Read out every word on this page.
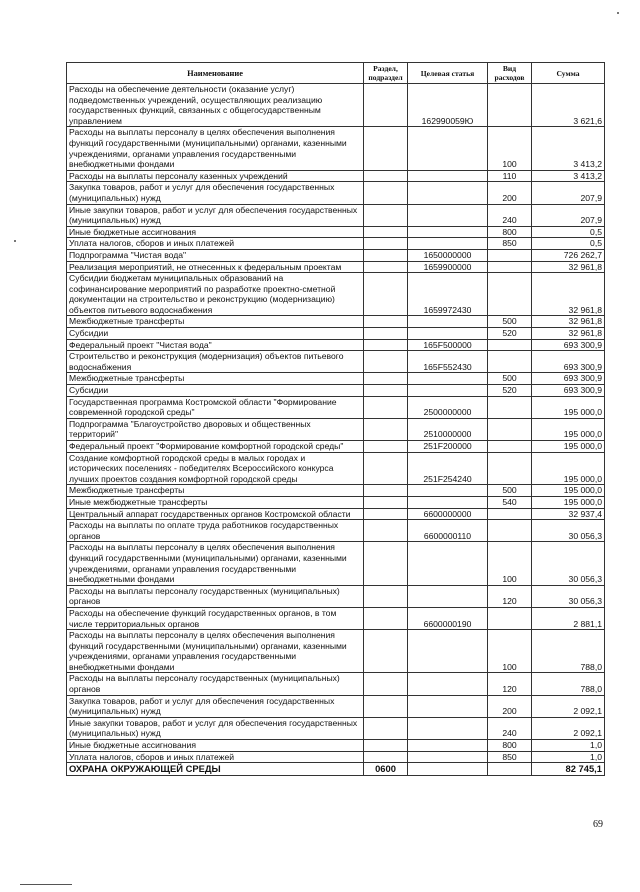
Наименование	Раздел, подраздел	Целевая статья	Вид расходов	Сумма
Расходы на обеспечение деятельности (оказание услуг) подведомственных учреждений, осуществляющих реализацию государственных функций, связанных с общегосударственным управлением		162990059Ю		3 621,6
Расходы на выплаты персоналу в целях обеспечения выполнения функций государственными (муниципальными) органами, казенными учреждениями, органами управления государственными внебюджетными фондами			100	3 413,2
Расходы на выплаты персоналу казенных учреждений			110	3 413,2
Закупка товаров, работ и услуг для обеспечения государственных (муниципальных) нужд			200	207,9
Иные закупки товаров, работ и услуг для обеспечения государственных (муниципальных) нужд			240	207,9
Иные бюджетные ассигнования			800	0,5
Уплата налогов, сборов и иных платежей			850	0,5
Подпрограмма "Чистая вода"		1650000000		726 262,7
Реализация мероприятий, не отнесенных к федеральным проектам		1659900000		32 961,8
Субсидии бюджетам муниципальных образований на софинансирование мероприятий по разработке проектно-сметной документации на строительство и реконструкцию (модернизацию) объектов питьевого водоснабжения		1659972430		32 961,8
Межбюджетные трансферты			500	32 961,8
Субсидии			520	32 961,8
Федеральный проект "Чистая вода"		165F500000		693 300,9
Строительство и реконструкция (модернизация) объектов питьевого водоснабжения		165F552430		693 300,9
Межбюджетные трансферты			500	693 300,9
Субсидии			520	693 300,9
Государственная программа Костромской области "Формирование современной городской среды"		2500000000		195 000,0
Подпрограмма "Благоустройство дворовых и общественных территорий"		2510000000		195 000,0
Федеральный проект "Формирование комфортной городской среды"		251F200000		195 000,0
Создание комфортной городской среды в малых городах и исторических поселениях - победителях Всероссийского конкурса лучших проектов создания комфортной городской среды		251F254240		195 000,0
Межбюджетные трансферты			500	195 000,0
Иные межбюджетные трансферты			540	195 000,0
Центральный аппарат государственных органов Костромской области		6600000000		32 937,4
Расходы на выплаты по оплате труда работников государственных органов		6600000110		30 056,3
Расходы на выплаты персоналу в целях обеспечения выполнения функций государственными (муниципальными) органами, казенными учреждениями, органами управления государственными внебюджетными фондами			100	30 056,3
Расходы на выплаты персоналу государственных (муниципальных) органов			120	30 056,3
Расходы на обеспечение функций государственных органов, в том числе территориальных органов		6600000190		2 881,1
Расходы на выплаты персоналу в целях обеспечения выполнения функций государственными (муниципальными) органами, казенными учреждениями, органами управления государственными внебюджетными фондами			100	788,0
Расходы на выплаты персоналу государственных (муниципальных) органов			120	788,0
Закупка товаров, работ и услуг для обеспечения государственных (муниципальных) нужд			200	2 092,1
Иные закупки товаров, работ и услуг для обеспечения государственных (муниципальных) нужд			240	2 092,1
Иные бюджетные ассигнования			800	1,0
Уплата налогов, сборов и иных платежей			850	1,0
ОХРАНА ОКРУЖАЮЩЕЙ СРЕДЫ	0600			82 745,1
69
